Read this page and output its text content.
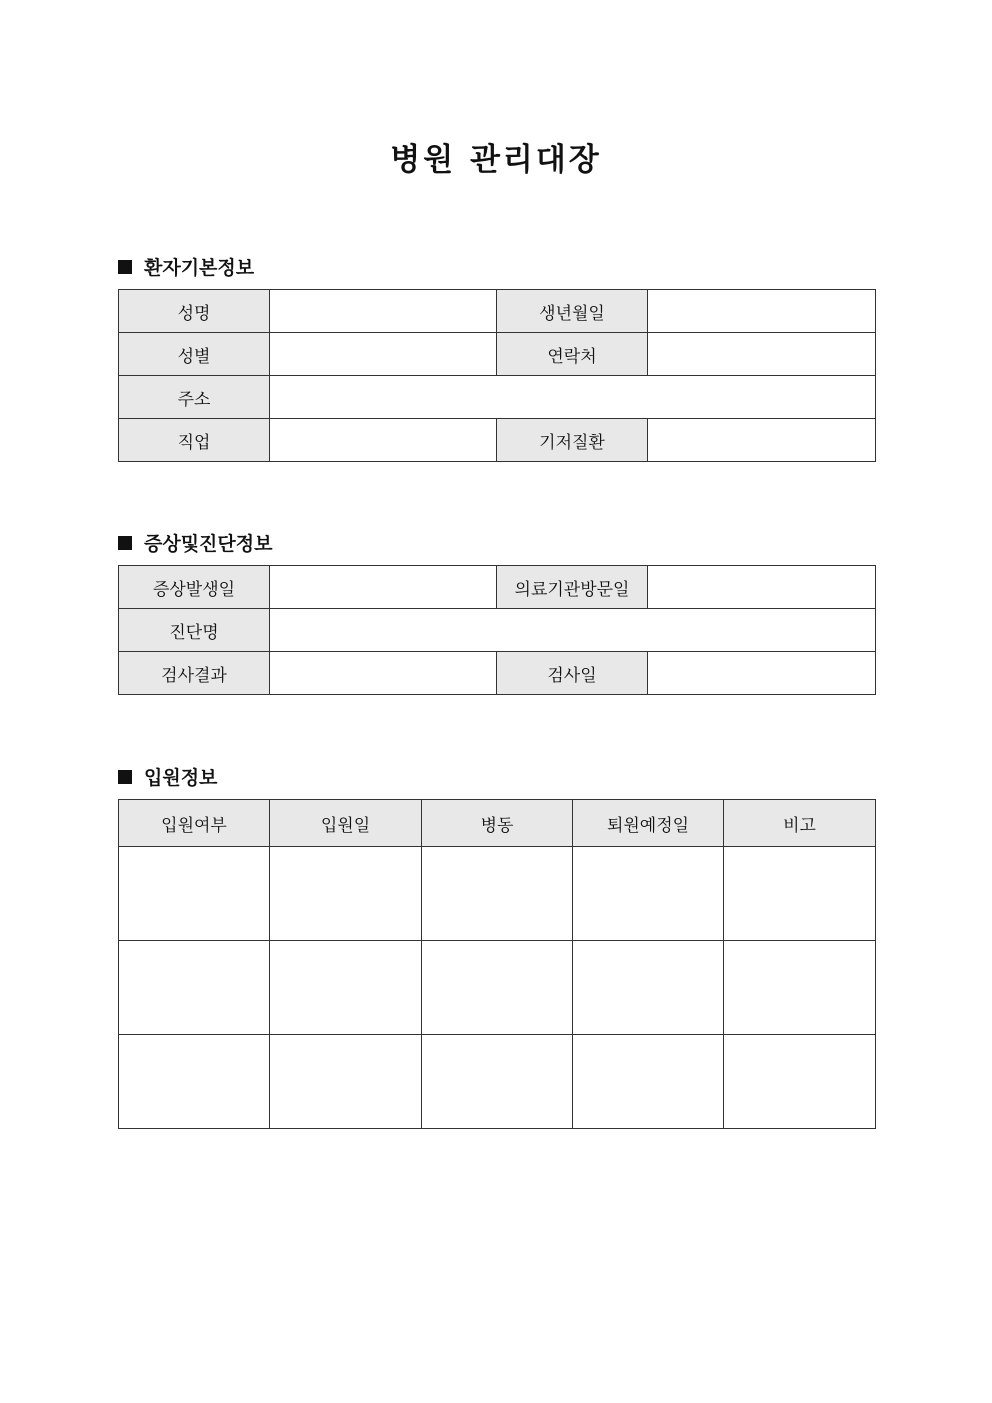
병원 관리대장
환자기본정보
성명		생년월일	
성별		연락처	
주소			
직업		기저질환	
증상및진단정보
증상발생일		의료기관방문일	
진단명			
검사결과		검사일	
입원정보
입원여부	입원일	병동	퇴원예정일	비고
